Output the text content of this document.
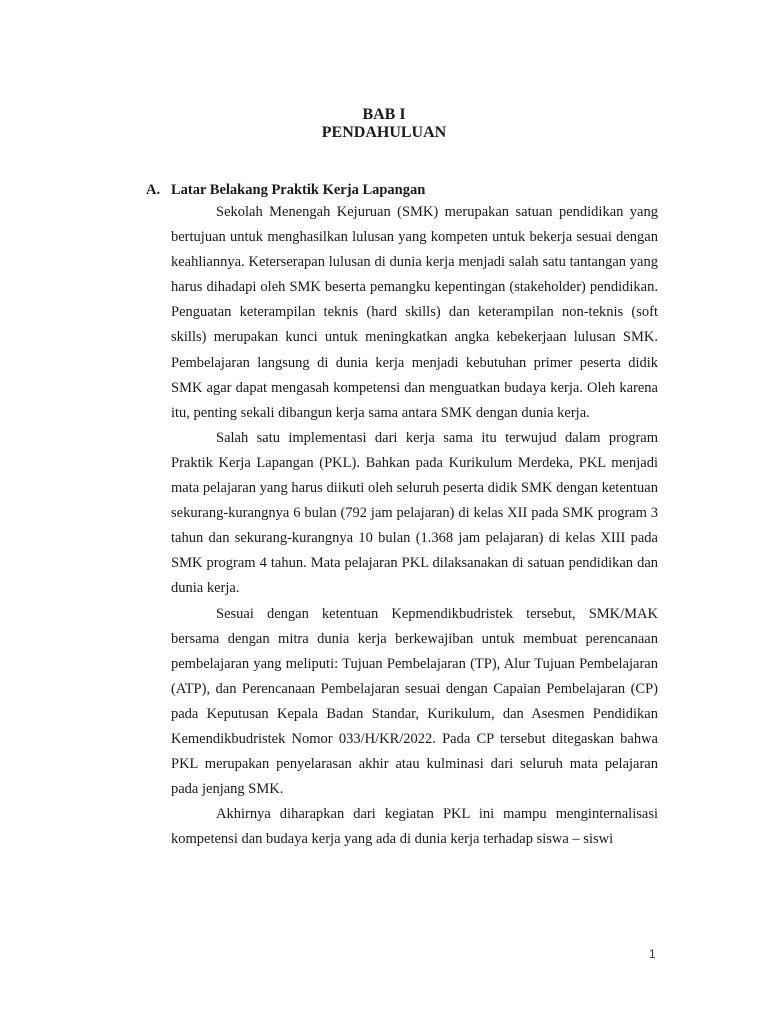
BAB I
PENDAHULUAN
A. Latar Belakang Praktik Kerja Lapangan

Sekolah Menengah Kejuruan (SMK) merupakan satuan pendidikan yang bertujuan untuk menghasilkan lulusan yang kompeten untuk bekerja sesuai dengan keahliannya. Keterserapan lulusan di dunia kerja menjadi salah satu tantangan yang harus dihadapi oleh SMK beserta pemangku kepentingan (stakeholder) pendidikan. Penguatan keterampilan teknis (hard skills) dan keterampilan non-teknis (soft skills) merupakan kunci untuk meningkatkan angka kebekerjaan lulusan SMK. Pembelajaran langsung di dunia kerja menjadi kebutuhan primer peserta didik SMK agar dapat mengasah kompetensi dan menguatkan budaya kerja. Oleh karena itu, penting sekali dibangun kerja sama antara SMK dengan dunia kerja.

Salah satu implementasi dari kerja sama itu terwujud dalam program Praktik Kerja Lapangan (PKL). Bahkan pada Kurikulum Merdeka, PKL menjadi mata pelajaran yang harus diikuti oleh seluruh peserta didik SMK dengan ketentuan sekurang-kurangnya 6 bulan (792 jam pelajaran) di kelas XII pada SMK program 3 tahun dan sekurang-kurangnya 10 bulan (1.368 jam pelajaran) di kelas XIII pada SMK program 4 tahun. Mata pelajaran PKL dilaksanakan di satuan pendidikan dan dunia kerja.

Sesuai dengan ketentuan Kepmendikbudristek tersebut, SMK/MAK bersama dengan mitra dunia kerja berkewajiban untuk membuat perencanaan pembelajaran yang meliputi: Tujuan Pembelajaran (TP), Alur Tujuan Pembelajaran (ATP), dan Perencanaan Pembelajaran sesuai dengan Capaian Pembelajaran (CP) pada Keputusan Kepala Badan Standar, Kurikulum, dan Asesmen Pendidikan Kemendikbudristek Nomor 033/H/KR/2022. Pada CP tersebut ditegaskan bahwa PKL merupakan penyelarasan akhir atau kulminasi dari seluruh mata pelajaran pada jenjang SMK.

Akhirnya diharapkan dari kegiatan PKL ini mampu menginternalisasi kompetensi dan budaya kerja yang ada di dunia kerja terhadap siswa – siswi

1
